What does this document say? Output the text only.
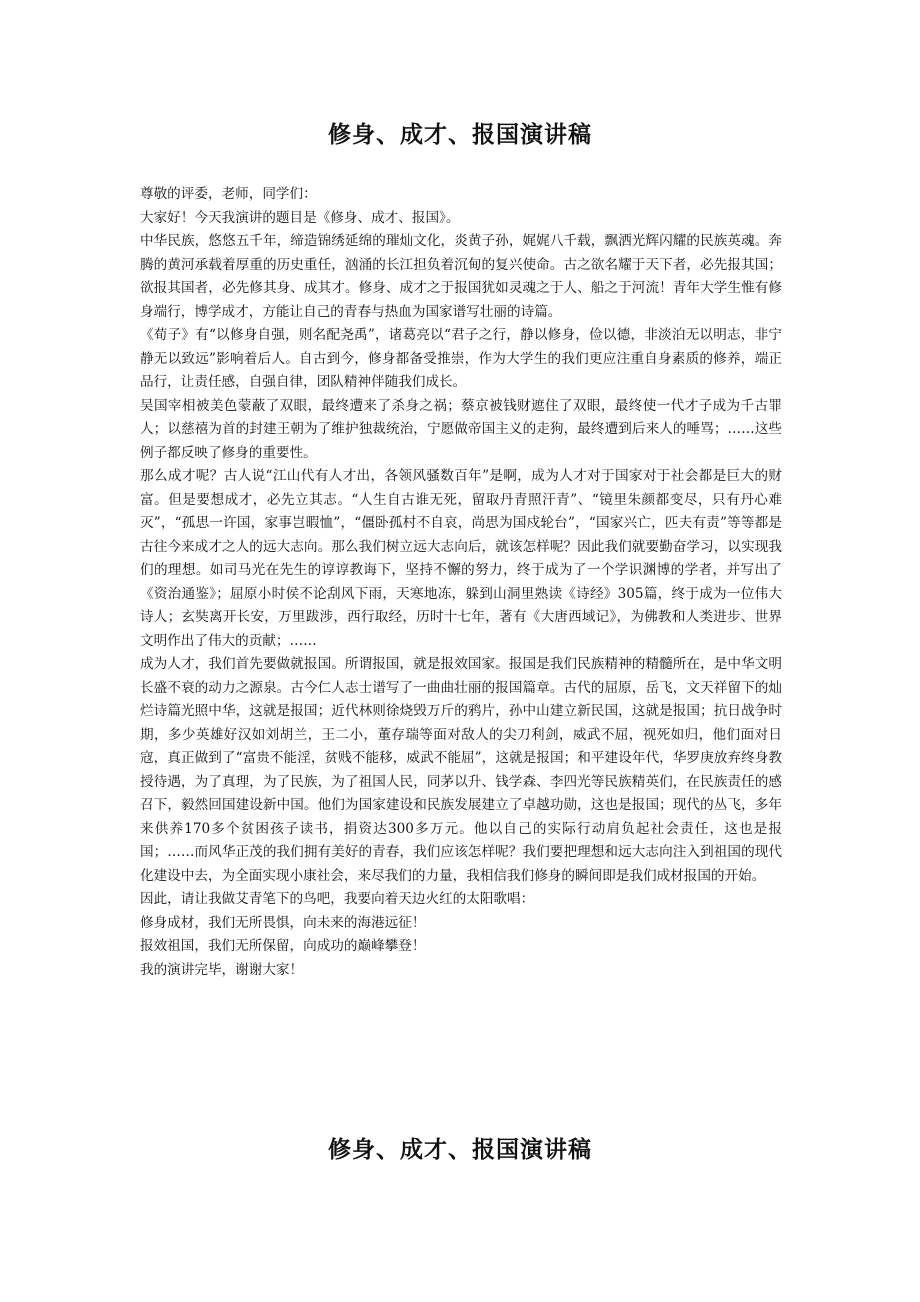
修身、成才、报国演讲稿

尊敬的评委，老师，同学们：

大家好！今天我演讲的题目是《修身、成才、报国》。

中华民族，悠悠五千年，缔造锦绣延绵的璀灿文化，炎黄子孙，娓娓八千载，飘洒光辉闪耀的民族英魂。奔腾的黄河承载着厚重的历史重任，汹涌的长江担负着沉甸的复兴使命。古之欲名耀于天下者，必先报其国；欲报其国者，必先修其身、成其才。修身、成才之于报国犹如灵魂之于人、船之于河流！青年大学生惟有修身端行，博学成才，方能让自己的青春与热血为国家谱写壮丽的诗篇。

《荀子》有“以修身自强，则名配尧禹”，诸葛亮以“君子之行，静以修身，俭以德，非淡泊无以明志，非宁静无以致远”影响着后人。自古到今，修身都备受推崇，作为大学生的我们更应注重自身素质的修养，端正品行，让责任感，自强自律，团队精神伴随我们成长。

吴国宰相被美色蒙蔽了双眼，最终遭来了杀身之祸；蔡京被钱财遮住了双眼，最终使一代才子成为千古罪人；以慈禧为首的封建王朝为了维护独裁统治，宁愿做帝国主义的走狗，最终遭到后来人的唾骂；……这些例子都反映了修身的重要性。

那么成才呢？古人说“江山代有人才出，各领风骚数百年”是啊，成为人才对于国家对于社会都是巨大的财富。但是要想成才，必先立其志。“人生自古谁无死，留取丹青照汗青”、“镜里朱颜都变尽，只有丹心难灭”，“孤思一许国，家事岂暇恤”，“僵卧孤村不自哀，尚思为国戍轮台”，“国家兴亡，匹夫有责”等等都是古往今来成才之人的远大志向。那么我们树立远大志向后，就该怎样呢？因此我们就要勤奋学习，以实现我们的理想。如司马光在先生的谆谆教诲下，坚持不懈的努力，终于成为了一个学识渊博的学者，并写出了《资治通鉴》；屈原小时侯不论刮风下雨，天寒地冻，躲到山洞里熟读《诗经》305篇，终于成为一位伟大诗人；玄奘离开长安，万里跋涉，西行取经，历时十七年，著有《大唐西域记》，为佛教和人类进步、世界文明作出了伟大的贡献；……

成为人才，我们首先要做就报国。所谓报国，就是报效国家。报国是我们民族精神的精髓所在，是中华文明长盛不衰的动力之源泉。古今仁人志士谱写了一曲曲壮丽的报国篇章。古代的屈原，岳飞，文天祥留下的灿烂诗篇光照中华，这就是报国；近代林则徐烧毁万斤的鸦片，孙中山建立新民国，这就是报国；抗日战争时期，多少英雄好汉如刘胡兰，王二小，董存瑞等面对敌人的尖刀利剑，威武不屈，视死如归，他们面对日寇，真正做到了“富贵不能淫，贫贱不能移，威武不能屈”，这就是报国；和平建设年代，华罗庚放弃终身教授待遇，为了真理，为了民族，为了祖国人民，同茅以升、钱学森、李四光等民族精英们，在民族责任的感召下，毅然回国建设新中国。他们为国家建设和民族发展建立了卓越功勋，这也是报国；现代的丛飞，多年来供养170多个贫困孩子读书，捐资达300多万元。他以自己的实际行动肩负起社会责任，这也是报国；……而风华正茂的我们拥有美好的青春，我们应该怎样呢？我们要把理想和远大志向注入到祖国的现代化建设中去，为全面实现小康社会，来尽我们的力量，我相信我们修身的瞬间即是我们成材报国的开始。

因此，请让我做艾青笔下的鸟吧，我要向着天边火红的太阳歌唱：

修身成材，我们无所畏惧，向未来的海港远征！

报效祖国，我们无所保留，向成功的巅峰攀登！

我的演讲完毕，谢谢大家！

修身、成才、报国演讲稿
